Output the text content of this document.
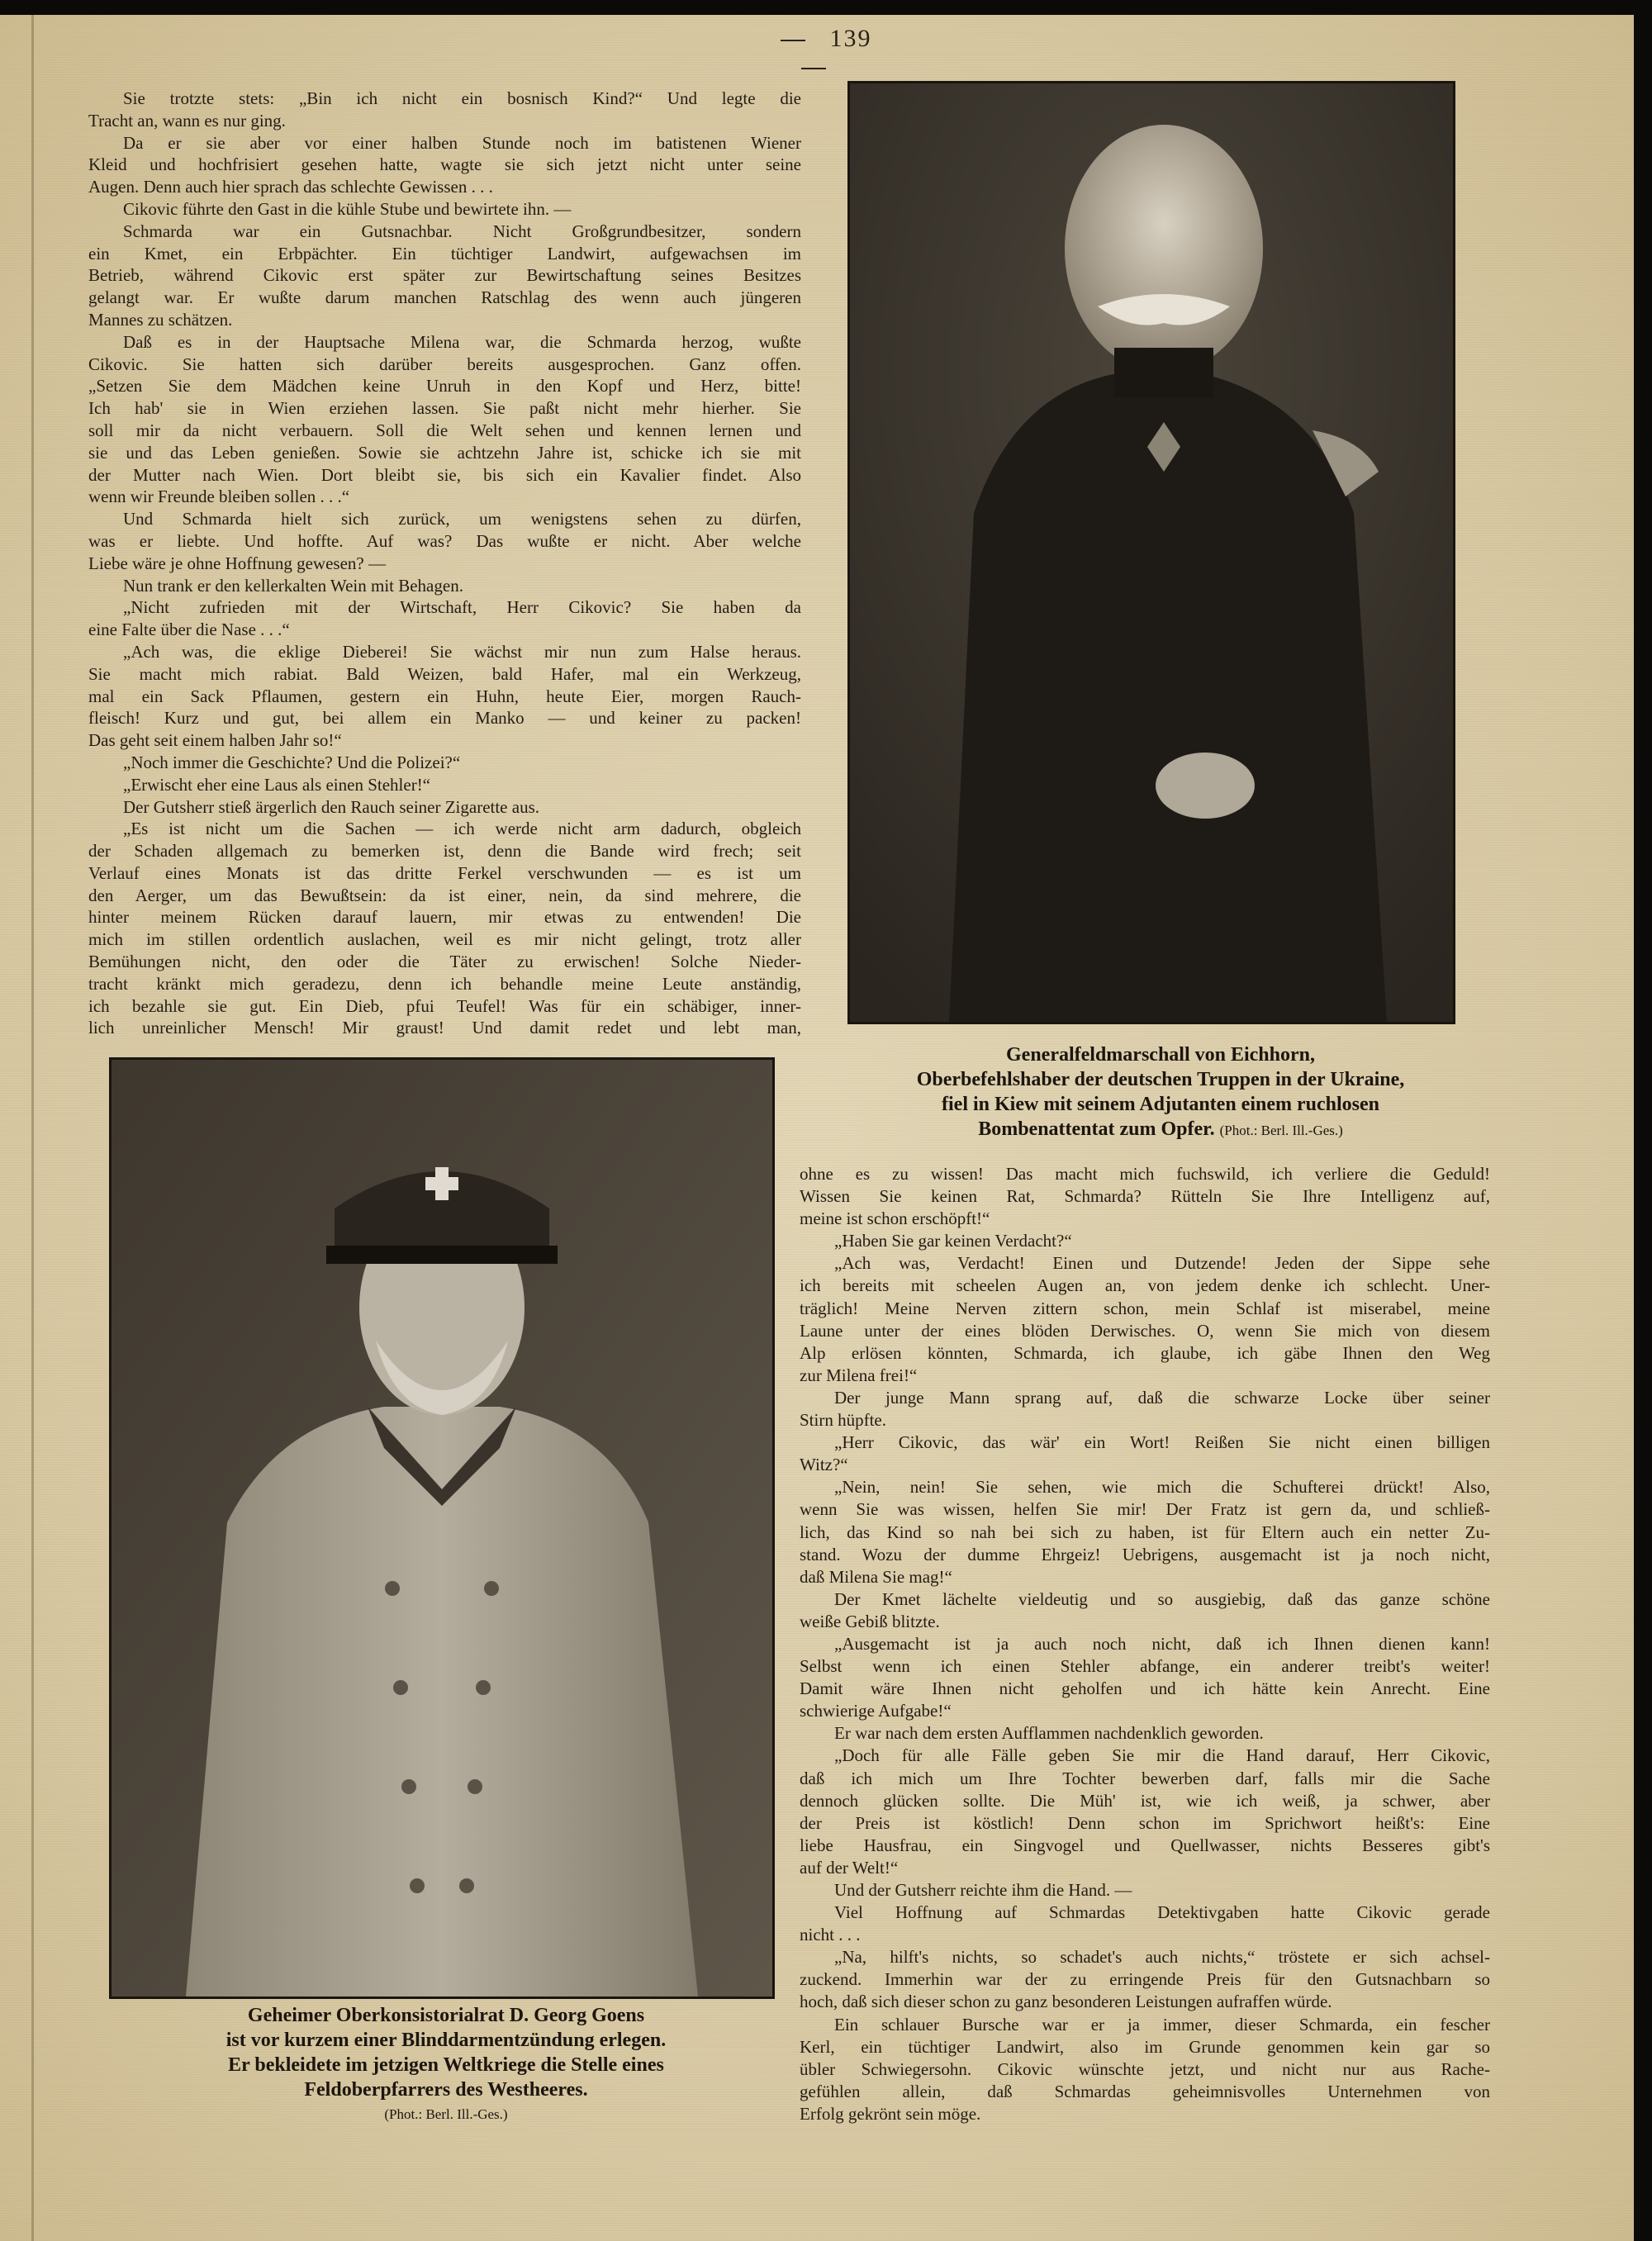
139
Sie trotzte stets: „Bin ich nicht ein bosnisch Kind?“ Und legte die
Tracht an, wann es nur ging.
Da er sie aber vor einer halben Stunde noch im batistenen Wiener
Kleid und hochfrisiert gesehen hatte, wagte sie sich jetzt nicht unter seine
Augen. Denn auch hier sprach das schlechte Gewissen . . .
Cikovic führte den Gast in die kühle Stube und bewirtete ihn. —
Schmarda war ein Gutsnachbar. Nicht Großgrundbesitzer, sondern
ein Kmet, ein Erbpächter. Ein tüchtiger Landwirt, aufgewachsen im
Betrieb, während Cikovic erst später zur Bewirtschaftung seines Besitzes
gelangt war. Er wußte darum manchen Ratschlag des wenn auch jüngeren
Mannes zu schätzen.
Daß es in der Hauptsache Milena war, die Schmarda herzog, wußte
Cikovic. Sie hatten sich darüber bereits ausgesprochen. Ganz offen.
„Setzen Sie dem Mädchen keine Unruh in den Kopf und Herz, bitte!
Ich hab' sie in Wien erziehen lassen. Sie paßt nicht mehr hierher. Sie
soll mir da nicht verbauern. Soll die Welt sehen und kennen lernen und
sie und das Leben genießen. Sowie sie achtzehn Jahre ist, schicke ich sie mit
der Mutter nach Wien. Dort bleibt sie, bis sich ein Kavalier findet. Also
wenn wir Freunde bleiben sollen . . .“
Und Schmarda hielt sich zurück, um wenigstens sehen zu dürfen,
was er liebte. Und hoffte. Auf was? Das wußte er nicht. Aber welche
Liebe wäre je ohne Hoffnung gewesen? —
Nun trank er den kellerkalten Wein mit Behagen.
„Nicht zufrieden mit der Wirtschaft, Herr Cikovic? Sie haben da
eine Falte über die Nase . . .“
„Ach was, die eklige Dieberei! Sie wächst mir nun zum Halse heraus.
Sie macht mich rabiat. Bald Weizen, bald Hafer, mal ein Werkzeug,
mal ein Sack Pflaumen, gestern ein Huhn, heute Eier, morgen Rauch-
fleisch! Kurz und gut, bei allem ein Manko — und keiner zu packen!
Das geht seit einem halben Jahr so!“
„Noch immer die Geschichte? Und die Polizei?“
„Erwischt eher eine Laus als einen Stehler!“
Der Gutsherr stieß ärgerlich den Rauch seiner Zigarette aus.
„Es ist nicht um die Sachen — ich werde nicht arm dadurch, obgleich
der Schaden allgemach zu bemerken ist, denn die Bande wird frech; seit
Verlauf eines Monats ist das dritte Ferkel verschwunden — es ist um
den Aerger, um das Bewußtsein: da ist einer, nein, da sind mehrere, die
hinter meinem Rücken darauf lauern, mir etwas zu entwenden! Die
mich im stillen ordentlich auslachen, weil es mir nicht gelingt, trotz aller
Bemühungen nicht, den oder die Täter zu erwischen! Solche Nieder-
tracht kränkt mich geradezu, denn ich behandle meine Leute anständig,
ich bezahle sie gut. Ein Dieb, pfui Teufel! Was für ein schäbiger, inner-
lich unreinlicher Mensch! Mir graust! Und damit redet und lebt man,
Generalfeldmarschall von Eichhorn,
Oberbefehlshaber der deutschen Truppen in der Ukraine,
fiel in Kiew mit seinem Adjutanten einem ruchlosen
Bombenattentat zum Opfer. (Phot.: Berl. Ill.-Ges.)
Geheimer Oberkonsistorialrat D. Georg Goens
ist vor kurzem einer Blinddarmentzündung erlegen.
Er bekleidete im jetzigen Weltkriege die Stelle eines
Feldoberpfarrers des Westheeres.
(Phot.: Berl. Ill.-Ges.)
ohne es zu wissen! Das macht mich fuchswild, ich verliere die Geduld!
Wissen Sie keinen Rat, Schmarda? Rütteln Sie Ihre Intelligenz auf,
meine ist schon erschöpft!“
„Haben Sie gar keinen Verdacht?“
„Ach was, Verdacht! Einen und Dutzende! Jeden der Sippe sehe
ich bereits mit scheelen Augen an, von jedem denke ich schlecht. Uner-
träglich! Meine Nerven zittern schon, mein Schlaf ist miserabel, meine
Laune unter der eines blöden Derwisches. O, wenn Sie mich von diesem
Alp erlösen könnten, Schmarda, ich glaube, ich gäbe Ihnen den Weg
zur Milena frei!“
Der junge Mann sprang auf, daß die schwarze Locke über seiner
Stirn hüpfte.
„Herr Cikovic, das wär' ein Wort! Reißen Sie nicht einen billigen
Witz?“
„Nein, nein! Sie sehen, wie mich die Schufterei drückt! Also,
wenn Sie was wissen, helfen Sie mir! Der Fratz ist gern da, und schließ-
lich, das Kind so nah bei sich zu haben, ist für Eltern auch ein netter Zu-
stand. Wozu der dumme Ehrgeiz! Uebrigens, ausgemacht ist ja noch nicht,
daß Milena Sie mag!“
Der Kmet lächelte vieldeutig und so ausgiebig, daß das ganze schöne
weiße Gebiß blitzte.
„Ausgemacht ist ja auch noch nicht, daß ich Ihnen dienen kann!
Selbst wenn ich einen Stehler abfange, ein anderer treibt's weiter!
Damit wäre Ihnen nicht geholfen und ich hätte kein Anrecht. Eine
schwierige Aufgabe!“
Er war nach dem ersten Aufflammen nachdenklich geworden.
„Doch für alle Fälle geben Sie mir die Hand darauf, Herr Cikovic,
daß ich mich um Ihre Tochter bewerben darf, falls mir die Sache
dennoch glücken sollte. Die Müh' ist, wie ich weiß, ja schwer, aber
der Preis ist köstlich! Denn schon im Sprichwort heißt's: Eine
liebe Hausfrau, ein Singvogel und Quellwasser, nichts Besseres gibt's
auf der Welt!“
Und der Gutsherr reichte ihm die Hand. —
Viel Hoffnung auf Schmardas Detektivgaben hatte Cikovic gerade
nicht . . .
„Na, hilft's nichts, so schadet's auch nichts,“ tröstete er sich achsel-
zuckend. Immerhin war der zu erringende Preis für den Gutsnachbarn so
hoch, daß sich dieser schon zu ganz besonderen Leistungen aufraffen würde.
Ein schlauer Bursche war er ja immer, dieser Schmarda, ein fescher
Kerl, ein tüchtiger Landwirt, also im Grunde genommen kein gar so
übler Schwiegersohn. Cikovic wünschte jetzt, und nicht nur aus Rache-
gefühlen allein, daß Schmardas geheimnisvolles Unternehmen von
Erfolg gekrönt sein möge.
